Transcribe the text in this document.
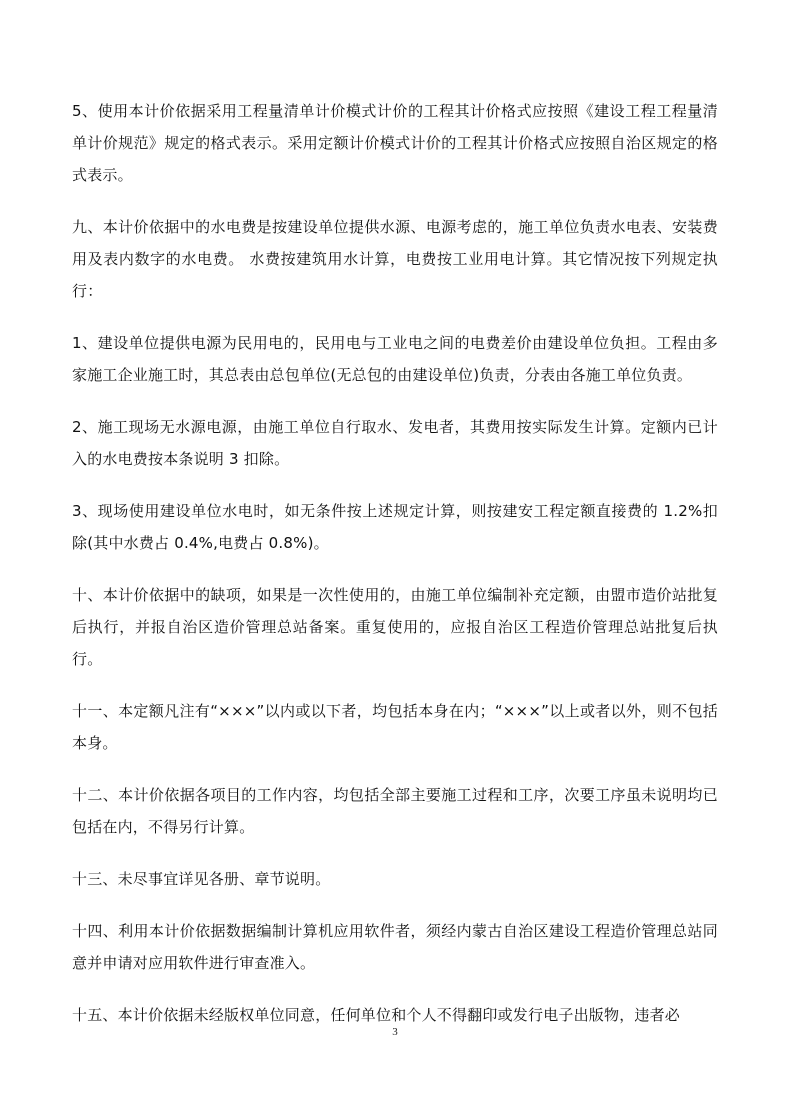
5、使用本计价依据采用工程量清单计价模式计价的工程其计价格式应按照《建设工程工程量清单计价规范》规定的格式表示。采用定额计价模式计价的工程其计价格式应按照自治区规定的格式表示。

九、本计价依据中的水电费是按建设单位提供水源、电源考虑的，施工单位负责水电表、安装费用及表内数字的水电费。 水费按建筑用水计算，电费按工业用电计算。其它情况按下列规定执行：

1、建设单位提供电源为民用电的，民用电与工业电之间的电费差价由建设单位负担。工程由多家施工企业施工时，其总表由总包单位(无总包的由建设单位)负责，分表由各施工单位负责。

2、施工现场无水源电源，由施工单位自行取水、发电者，其费用按实际发生计算。定额内已计入的水电费按本条说明 3 扣除。

3、现场使用建设单位水电时，如无条件按上述规定计算，则按建安工程定额直接费的 1.2%扣除(其中水费占 0.4%,电费占 0.8%)。

十、本计价依据中的缺项，如果是一次性使用的，由施工单位编制补充定额，由盟市造价站批复后执行，并报自治区造价管理总站备案。重复使用的，应报自治区工程造价管理总站批复后执行。

十一、本定额凡注有“×××”以内或以下者，均包括本身在内；“×××”以上或者以外，则不包括本身。

十二、本计价依据各项目的工作内容，均包括全部主要施工过程和工序，次要工序虽未说明均已包括在内，不得另行计算。

十三、未尽事宜详见各册、章节说明。

十四、利用本计价依据数据编制计算机应用软件者，须经内蒙古自治区建设工程造价管理总站同意并申请对应用软件进行审查准入。

十五、本计价依据未经版权单位同意，任何单位和个人不得翻印或发行电子出版物，违者必

3
